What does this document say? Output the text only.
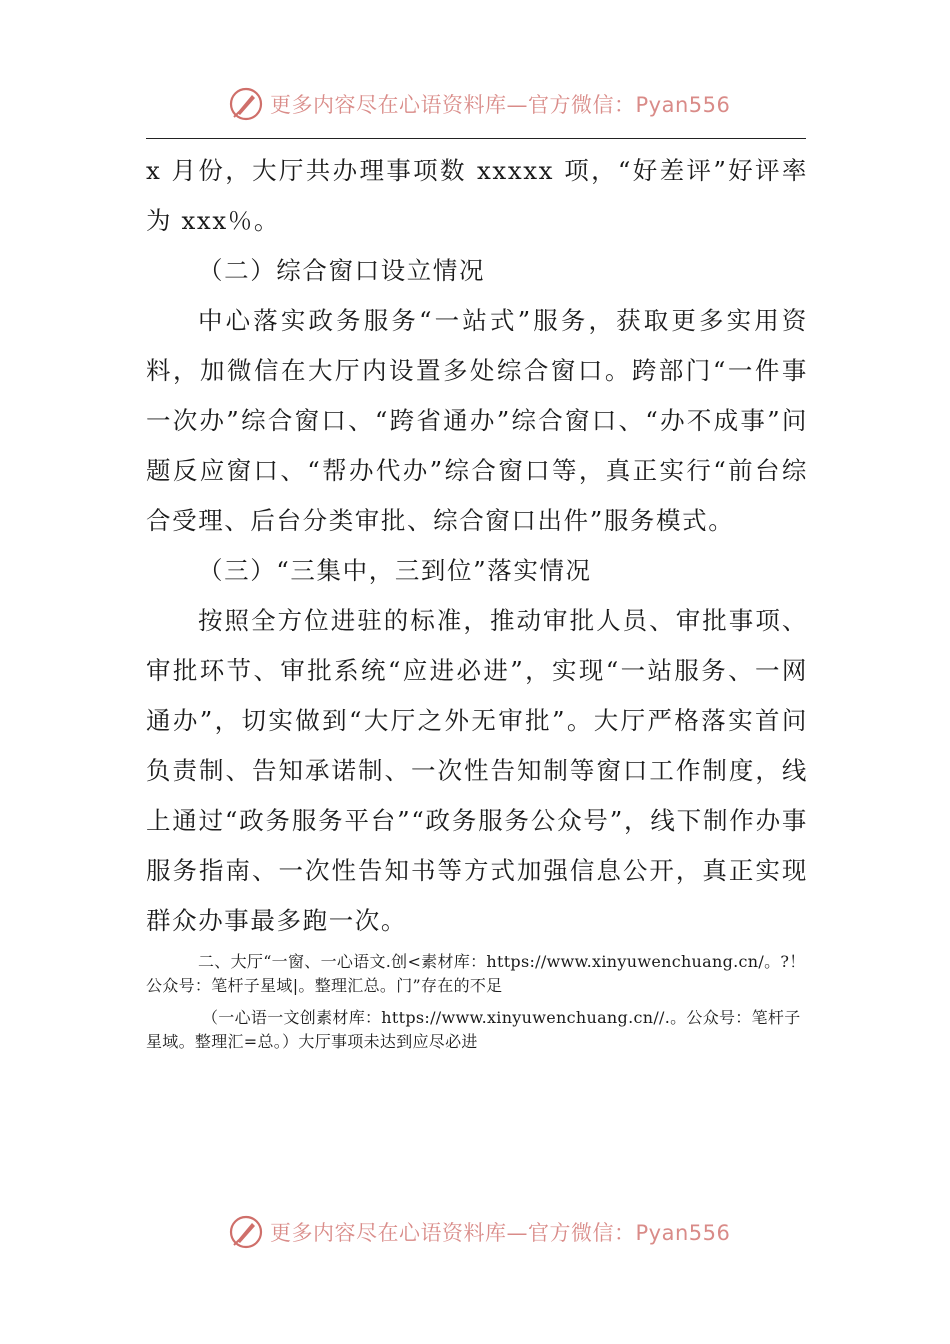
更多内容尽在心语资料库—官方微信：Pyan556

x 月份，大厅共办理事项数 xxxxx 项，“好差评”好评率为 xxx％。

（二）综合窗口设立情况

中心落实政务服务“一站式”服务，获取更多实用资料，加微信在大厅内设置多处综合窗口。跨部门“一件事一次办”综合窗口、“跨省通办”综合窗口、“办不成事”问题反应窗口、“帮办代办”综合窗口等，真正实行“前台综合受理、后台分类审批、综合窗口出件”服务模式。

（三）“三集中，三到位”落实情况

按照全方位进驻的标准，推动审批人员、审批事项、审批环节、审批系统“应进必进”，实现“一站服务、一网通办”，切实做到“大厅之外无审批”。大厅严格落实首问负责制、告知承诺制、一次性告知制等窗口工作制度，线上通过“政务服务平台”“政务服务公众号”，线下制作办事服务指南、一次性告知书等方式加强信息公开，真正实现群众办事最多跑一次。

二、大厅“一窗、一心语文.创<素材库：https://www.xinyuwenchuang.cn/。?！公众号：笔杆子星域|。整理汇总。门”存在的不足

（一心语一文创素材库：https://www.xinyuwenchuang.cn//.。公众号：笔杆子星域。整理汇=总。）大厅事项未达到应尽必进

更多内容尽在心语资料库—官方微信：Pyan556
